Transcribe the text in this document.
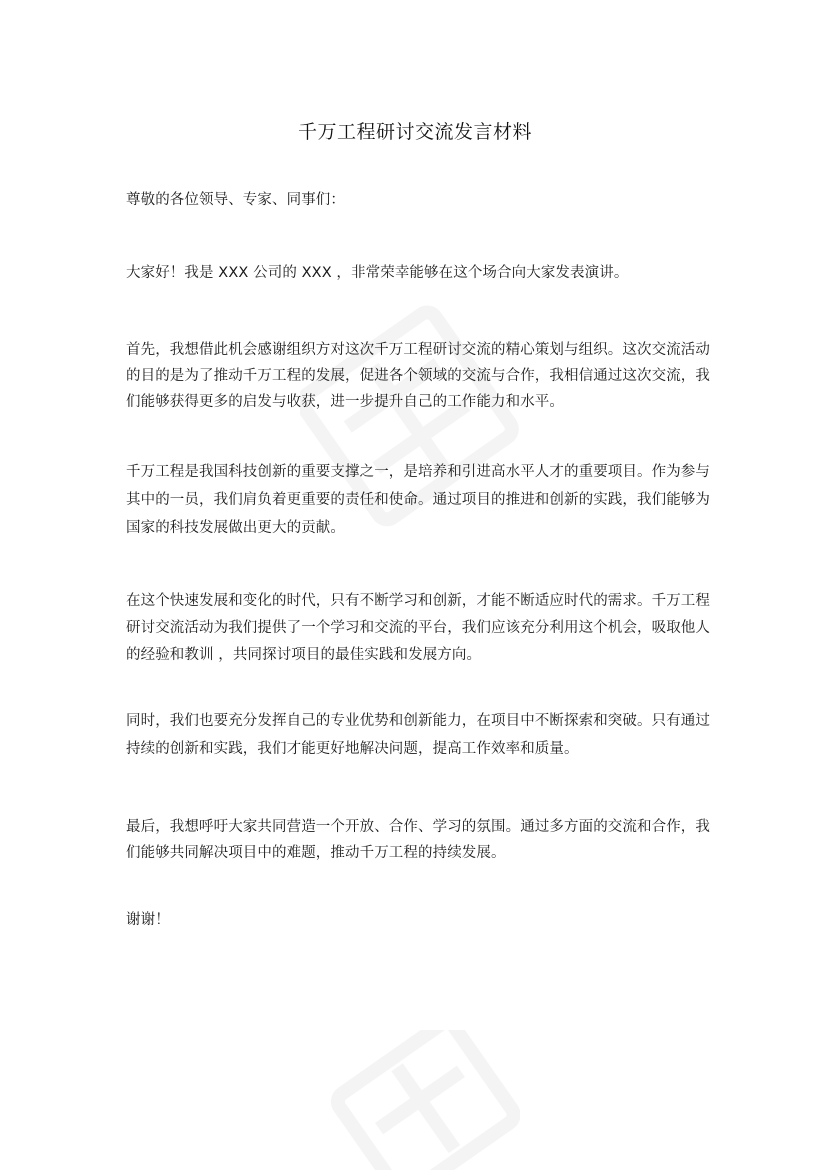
千万工程研讨交流发言材料
尊敬的各位领导、专家、同事们：
大家好！我是 XXX 公司的 XXX ，非常荣幸能够在这个场合向大家发表演讲。
首先，我想借此机会感谢组织方对这次千万工程研讨交流的精心策划与组织。这次交流活动的目的是为了推动千万工程的发展，促进各个领域的交流与合作，我相信通过这次交流，我们能够获得更多的启发与收获，进一步提升自己的工作能力和水平。
千万工程是我国科技创新的重要支撑之一，是培养和引进高水平人才的重要项目。作为参与其中的一员，我们肩负着更重要的责任和使命。通过项目的推进和创新的实践，我们能够为国家的科技发展做出更大的贡献。
在这个快速发展和变化的时代，只有不断学习和创新，才能不断适应时代的需求。千万工程研讨交流活动为我们提供了一个学习和交流的平台，我们应该充分利用这个机会，吸取他人的经验和教训 ，共同探讨项目的最佳实践和发展方向。
同时，我们也要充分发挥自己的专业优势和创新能力，在项目中不断探索和突破。只有通过持续的创新和实践，我们才能更好地解决问题，提高工作效率和质量。
最后，我想呼吁大家共同营造一个开放、合作、学习的氛围。通过多方面的交流和合作，我们能够共同解决项目中的难题，推动千万工程的持续发展。
谢谢！
